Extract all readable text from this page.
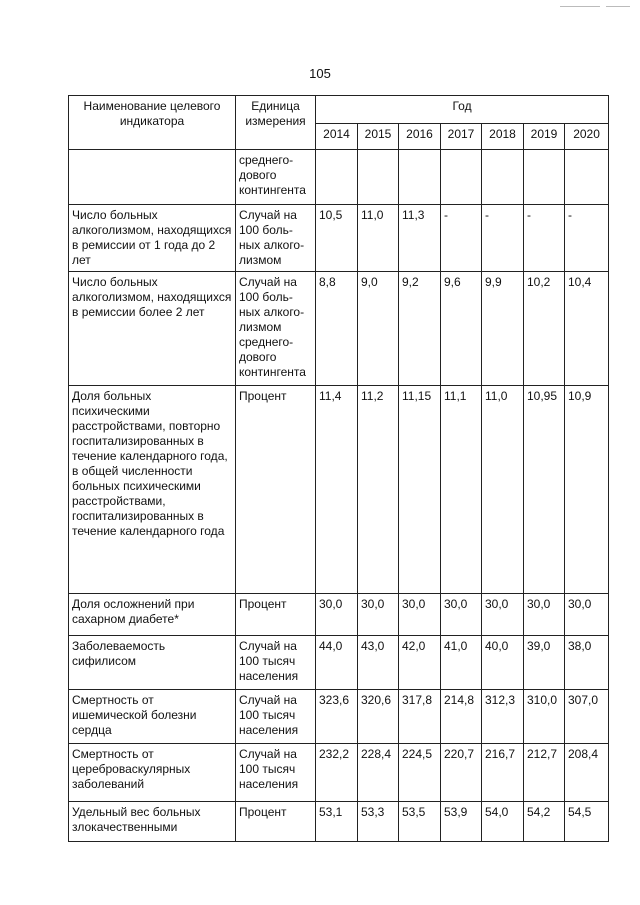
105
Наименование целевого индикатора	Единица измерения	Год						
		2014	2015	2016	2017	2018	2019	2020
	среднего-дового контингента							
Число больных алкоголизмом, находящихся в ремиссии от 1 года до 2 лет	Случай на 100 боль-ных алкого-лизмом	10,5	11,0	11,3	-	-	-	-
Число больных алкоголизмом, находящихся в ремиссии более 2 лет	Случай на 100 боль-ных алкого-лизмом среднего-дового контингента	8,8	9,0	9,2	9,6	9,9	10,2	10,4
Доля больных психическими расстройствами, повторно госпитализированных в течение календарного года, в общей численности больных психическими расстройствами, госпитализированных в течение календарного года	Процент	11,4	11,2	11,15	11,1	11,0	10,95	10,9
Доля осложнений при сахарном диабете*	Процент	30,0	30,0	30,0	30,0	30,0	30,0	30,0
Заболеваемость сифилисом	Случай на 100 тысяч населения	44,0	43,0	42,0	41,0	40,0	39,0	38,0
Смертность от ишемической болезни сердца	Случай на 100 тысяч населения	323,6	320,6	317,8	214,8	312,3	310,0	307,0
Смертность от цереброваскулярных заболеваний	Случай на 100 тысяч населения	232,2	228,4	224,5	220,7	216,7	212,7	208,4
Удельный вес больных злокачественными	Процент	53,1	53,3	53,5	53,9	54,0	54,2	54,5
